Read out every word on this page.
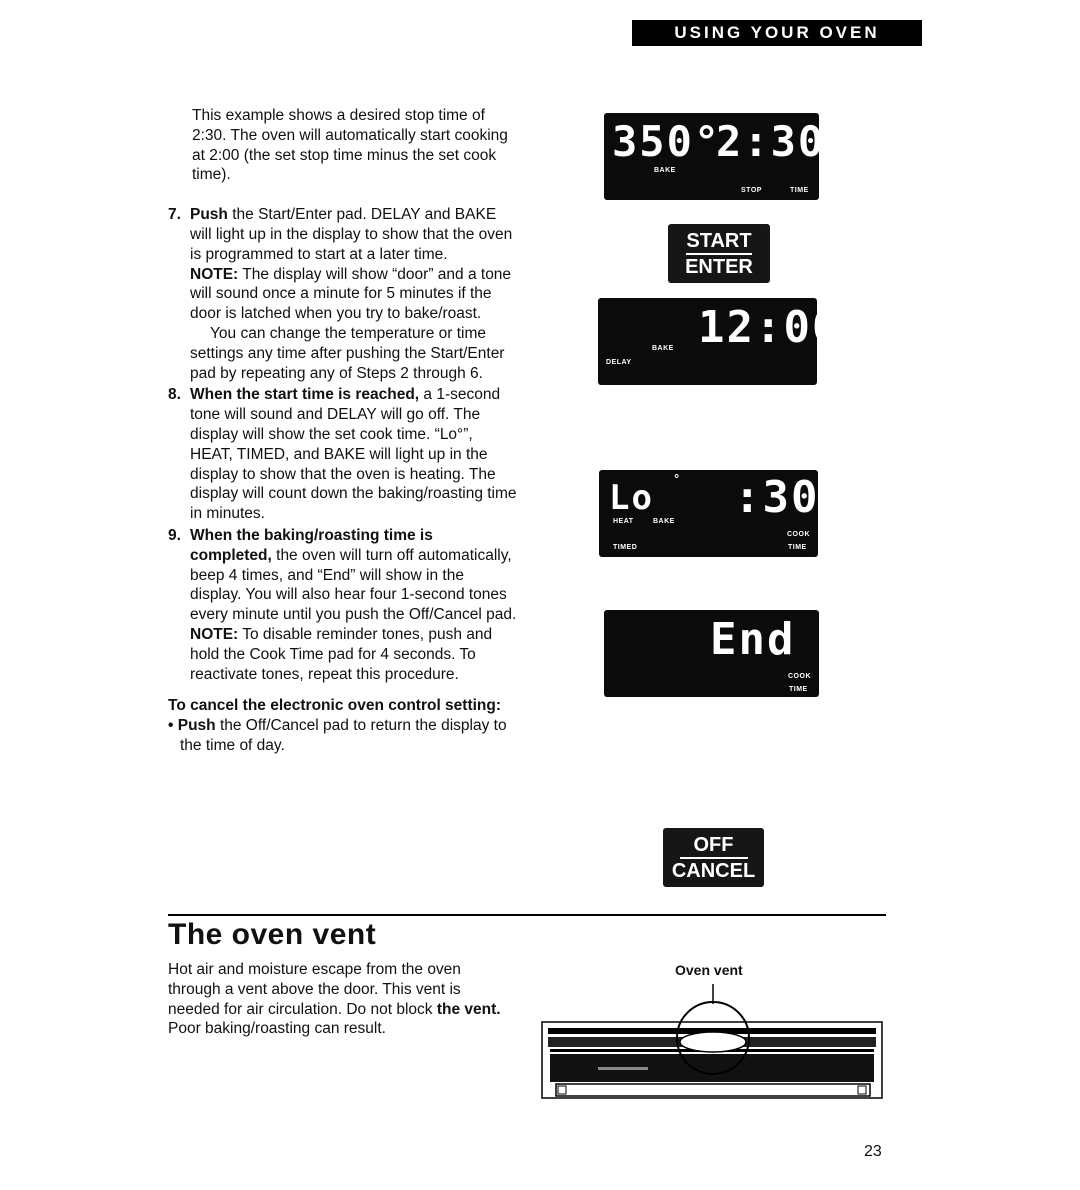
USING YOUR OVEN

This example shows a desired stop time of 2:30. The oven will automatically start cooking at 2:00 (the set stop time minus the set cook time).

7. Push the Start/Enter pad. DELAY and BAKE will light up in the display to show that the oven is programmed to start at a later time.

NOTE: The display will show “door” and a tone will sound once a minute for 5 minutes if the door is latched when you try to bake/roast.

You can change the temperature or time settings any time after pushing the Start/Enter pad by repeating any of Steps 2 through 6.

8. When the start time is reached, a 1-second tone will sound and DELAY will go off. The display will show the set cook time. “Lo°”, HEAT, TIMED, and BAKE will light up in the display to show that the oven is heating. The display will count down the baking/roasting time in minutes.

9. When the baking/roasting time is completed, the oven will turn off automatically, beep 4 times, and “End” will show in the display. You will also hear four 1-second tones every minute until you push the Off/Cancel pad.

NOTE: To disable reminder tones, push and hold the Cook Time pad for 4 seconds. To reactivate tones, repeat this procedure.

To cancel the electronic oven control setting:

• Push the Off/Cancel pad to return the display to the time of day.

350°
2:30
BAKE
STOP	TIME
START
ENTER
12:00
BAKE
DELAY
Lo ° :30
HEAT	BAKE
TIMED
COOK
TIME
End
COOK
TIME
OFF
CANCEL
The oven vent
Hot air and moisture escape from the oven through a vent above the door. This vent is needed for air circulation. Do not block the vent. Poor baking/roasting can result.
Oven vent
23
